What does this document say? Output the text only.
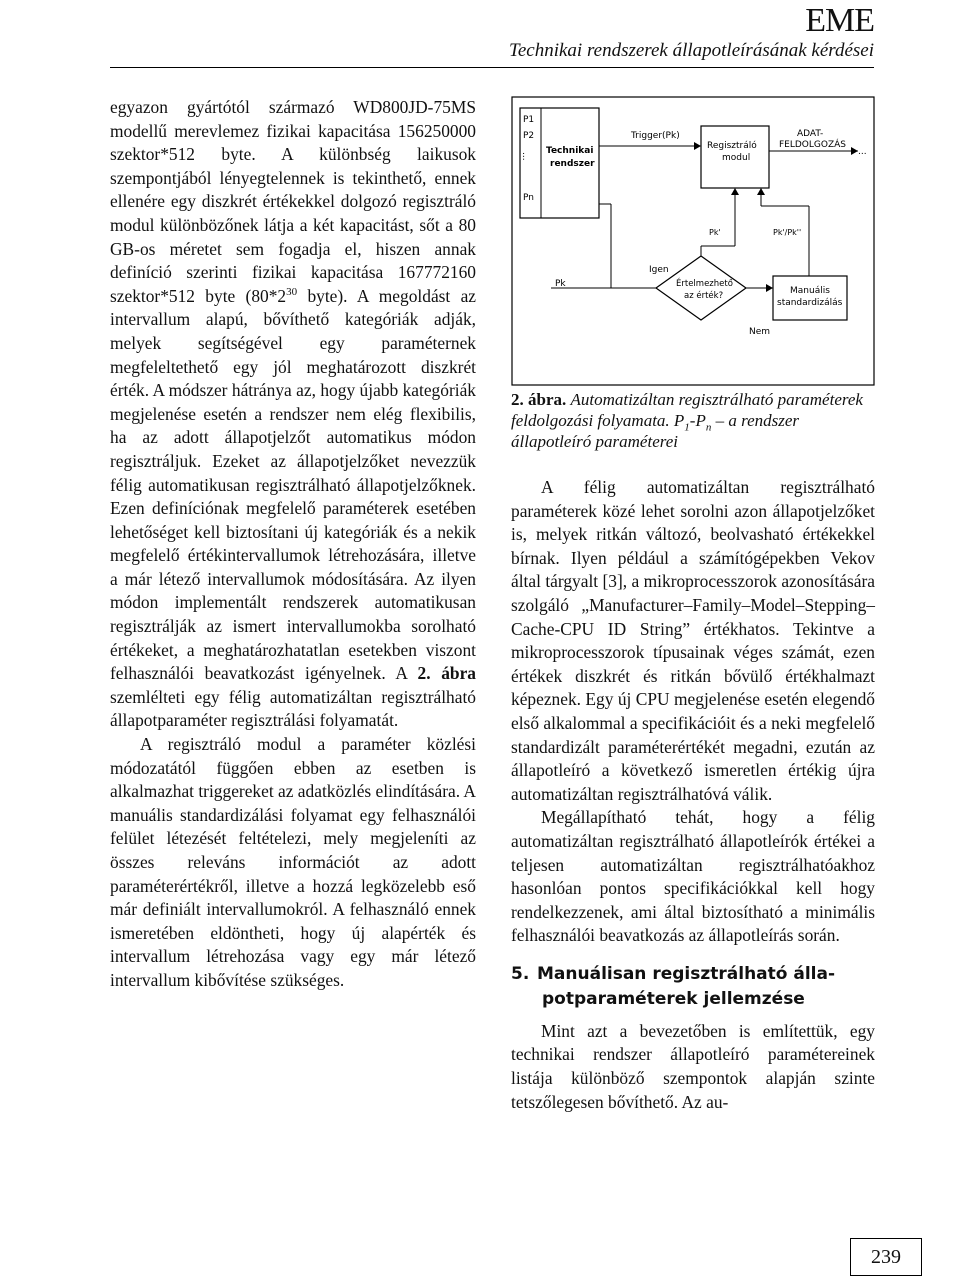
EME
Technikai rendszerek állapotleírásának kérdései

egyazon gyártótól származó WD800JD-75MS modellű merevlemez fizikai kapacitása 156250000 szektor*512 byte. A különbség laikusok szempontjából lényegtelennek is tekinthető, ennek ellenére egy diszkrét értékekkel dolgozó regisztráló modul különbözőnek látja a két kapacitást, sőt a 80 GB-os méretet sem fogadja el, hiszen annak definíció szerinti fizikai kapacitása 167772160 szektor*512 byte ($80*2^{30}$ byte). A megoldást az intervallum alapú, bővíthető kategóriák adják, melyek segítségével egy paraméternek megfeleltethető egy jól meghatározott diszkrét érték. A módszer hátránya az, hogy újabb kategóriák megjelenése esetén a rendszer nem elég flexibilis, ha az adott állapotjelzőt automatikus módon regisztráljuk. Ezeket az állapotjelzőket nevezzük félig automatikusan regisztrálható állapotjelzőknek. Ezen definíciónak megfelelő paraméterek esetében lehetőséget kell biztosítani új kategóriák és a nekik megfelelő értékintervallumok létrehozására, illetve a már létező intervallumok módosítására. Az ilyen módon implementált rendszerek automatikusan regisztrálják az ismert intervallumokba sorolható értékeket, a meghatározhatatlan esetekben viszont felhasználói beavatkozást igényelnek. A 2. ábra szemlélteti egy félig automatizáltan regisztrálható állapotparaméter regisztrálási folyamatát.

A regisztráló modul a paraméter közlési módozatától függően ebben az esetben is alkalmazhat triggereket az adatközlés elindítására. A manuális standardizálási folyamat egy felhasználói felület létezését feltételezi, mely megjeleníti az összes releváns információt az adott paraméterértékről, illetve a hozzá legközelebb eső már definiált intervallumokról. A felhasználó ennek ismeretében eldöntheti, hogy új alapérték és intervallum létrehozása vagy egy már létező intervallum kibővítése szükséges.

P1
P2
...
Pn
Technikai
rendszer
Trigger(Pk)
Regisztráló
modul
ADAT-
FELDOLGOZÁS
...
Pk	Értelmezhető
az érték?
Igen
Pk'
Nem
Manuális
standardizálás
Pk'/Pk''
2. ábra. Automatizáltan regisztrálható paraméterek feldolgozási folyamata. $P_1-P_n$ – a rendszer állapotleíró paraméterei

A félig automatizáltan regisztrálható paraméterek közé lehet sorolni azon állapotjelzőket is, melyek ritkán változó, beolvasható értékekkel bírnak. Ilyen például a számítógépekben Vekov által tárgyalt [3], a mikroprocesszorok azonosítására szolgáló „Manufacturer–Family–Model–Stepping–Cache-CPU ID String” értékhatos. Tekintve a mikroprocesszorok típusainak véges számát, ezen értékek diszkrét és ritkán bővülő értékhalmazt képeznek. Egy új CPU megjelenése esetén elegendő első alkalommal a specifikációit és a neki megfelelő standardizált paraméterértékét megadni, ezután az állapotleíró a következő ismeretlen értékig újra automatizáltan regisztrálhatóvá válik.

Megállapítható tehát, hogy a félig automatizáltan regisztrálható állapotleírók értékei a teljesen automatizáltan regisztrálhatóakhoz hasonlóan pontos specifikációkkal kell hogy rendelkezzenek, ami által biztosítható a minimális felhasználói beavatkozás az állapotleírás során.

5. Manuálisan regisztrálható álla-
potparaméterek jellemzése

Mint azt a bevezetőben is említettük, egy technikai rendszer állapotleíró paramétereinek listája különböző szempontok alapján szinte tetszőlegesen bővíthető. Az au-

239
